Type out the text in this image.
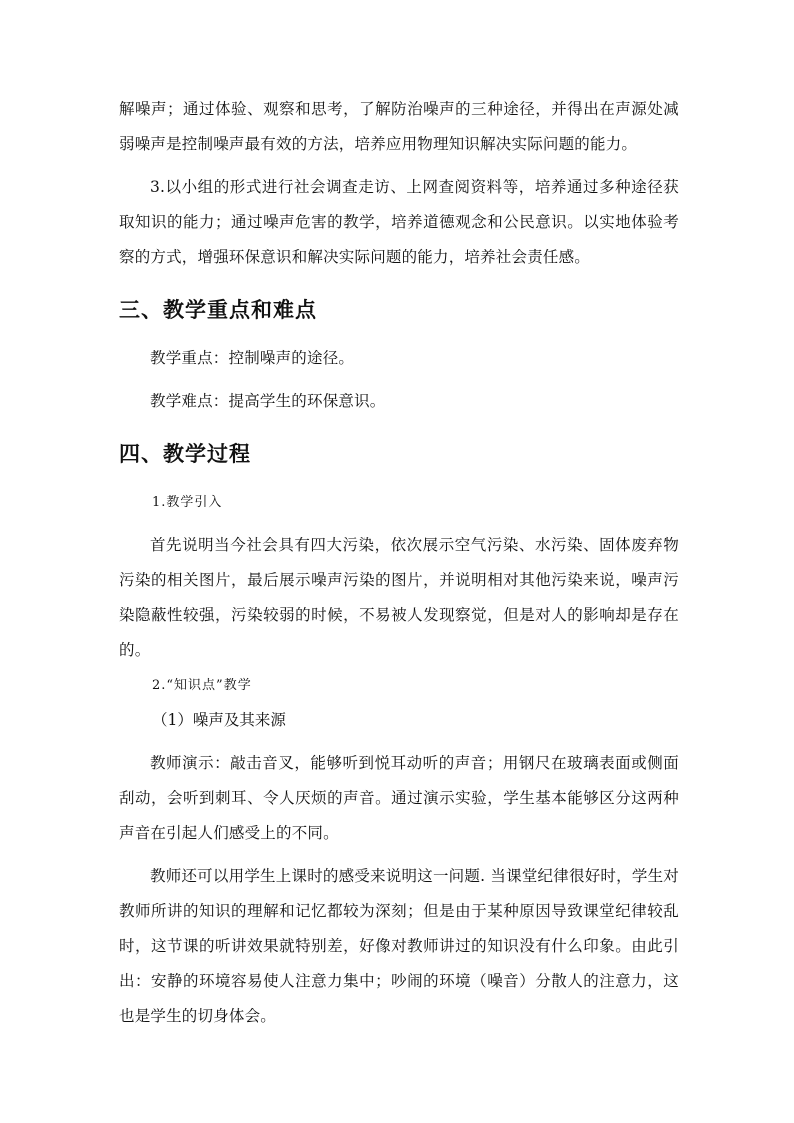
解噪声；通过体验、观察和思考，了解防治噪声的三种途径，并得出在声源处减弱噪声是控制噪声最有效的方法，培养应用物理知识解决实际问题的能力。

3.以小组的形式进行社会调查走访、上网查阅资料等，培养通过多种途径获取知识的能力；通过噪声危害的教学，培养道德观念和公民意识。以实地体验考察的方式，增强环保意识和解决实际问题的能力，培养社会责任感。

三、教学重点和难点

教学重点：控制噪声的途径。

教学难点：提高学生的环保意识。

四、教学过程

1.教学引入

首先说明当今社会具有四大污染，依次展示空气污染、水污染、固体废弃物污染的相关图片，最后展示噪声污染的图片，并说明相对其他污染来说，噪声污染隐蔽性较强，污染较弱的时候，不易被人发现察觉，但是对人的影响却是存在的。

2.“知识点”教学

（1）噪声及其来源

教师演示：敲击音叉，能够听到悦耳动听的声音；用钢尺在玻璃表面或侧面刮动，会听到刺耳、令人厌烦的声音。通过演示实验，学生基本能够区分这两种声音在引起人们感受上的不同。

教师还可以用学生上课时的感受来说明这一问题. 当课堂纪律很好时，学生对教师所讲的知识的理解和记忆都较为深刻；但是由于某种原因导致课堂纪律较乱时，这节课的听讲效果就特别差，好像对教师讲过的知识没有什么印象。由此引出：安静的环境容易使人注意力集中；吵闹的环境（噪音）分散人的注意力，这也是学生的切身体会。
